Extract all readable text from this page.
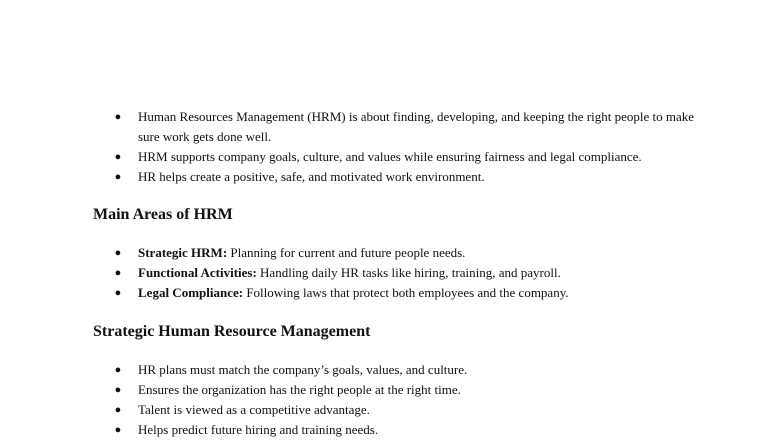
● Human Resources Management (HRM) is about finding, developing, and keeping the right people to make sure work gets done well.
● HRM supports company goals, culture, and values while ensuring fairness and legal compliance.
● HR helps create a positive, safe, and motivated work environment.
Main Areas of HRM
● Strategic HRM: Planning for current and future people needs.
● Functional Activities: Handling daily HR tasks like hiring, training, and payroll.
● Legal Compliance: Following laws that protect both employees and the company.
Strategic Human Resource Management
● HR plans must match the company’s goals, values, and culture.
● Ensures the organization has the right people at the right time.
● Talent is viewed as a competitive advantage.
● Helps predict future hiring and training needs.
